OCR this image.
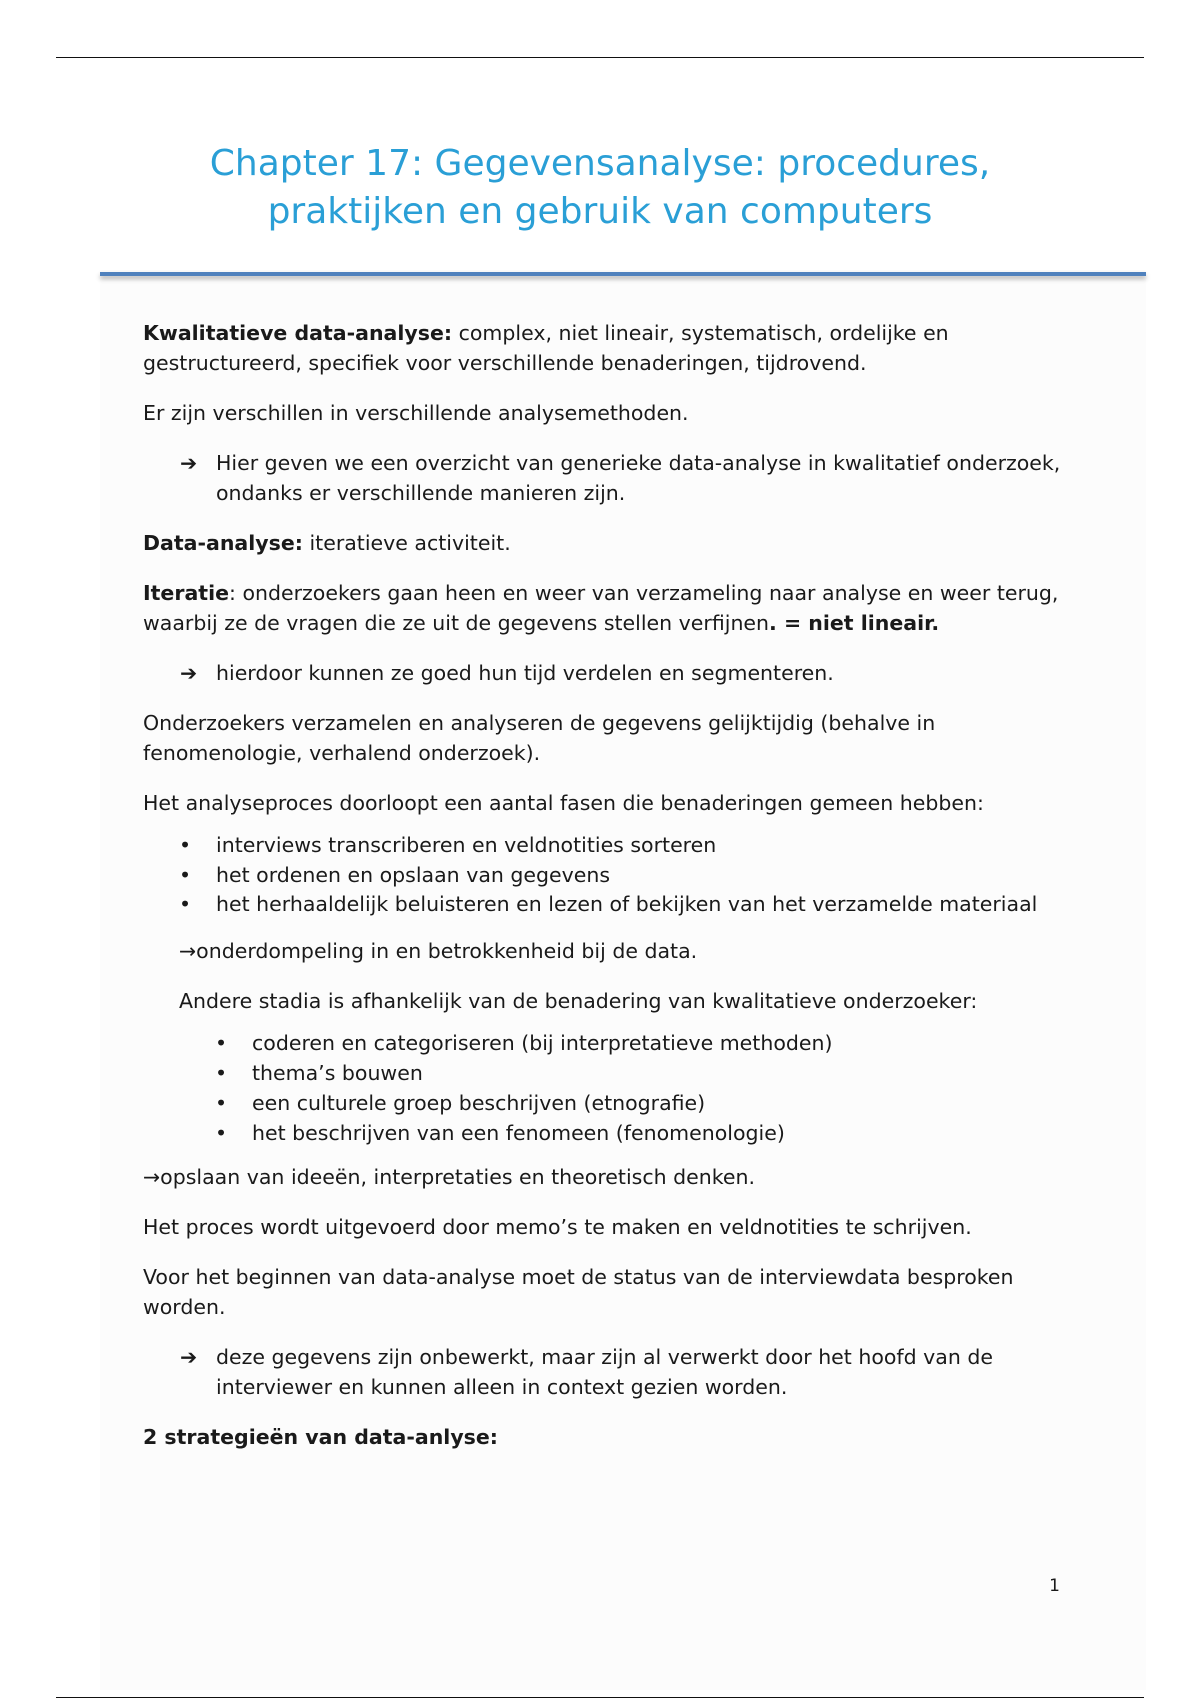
Chapter 17: Gegevensanalyse: procedures,
praktijken en gebruik van computers

Kwalitatieve data-analyse: complex, niet lineair, systematisch, ordelijke en gestructureerd, specifiek voor verschillende benaderingen, tijdrovend.

Er zijn verschillen in verschillende analysemethoden.

➔ Hier geven we een overzicht van generieke data-analyse in kwalitatief onderzoek, ondanks er verschillende manieren zijn.

Data-analyse: iteratieve activiteit.

Iteratie: onderzoekers gaan heen en weer van verzameling naar analyse en weer terug, waarbij ze de vragen die ze uit de gegevens stellen verfijnen. = niet lineair.

➔ hierdoor kunnen ze goed hun tijd verdelen en segmenteren.

Onderzoekers verzamelen en analyseren de gegevens gelijktijdig (behalve in fenomenologie, verhalend onderzoek).

Het analyseproces doorloopt een aantal fasen die benaderingen gemeen hebben:

• interviews transcriberen en veldnotities sorteren
• het ordenen en opslaan van gegevens
• het herhaaldelijk beluisteren en lezen of bekijken van het verzamelde materiaal

→onderdompeling in en betrokkenheid bij de data.

Andere stadia is afhankelijk van de benadering van kwalitatieve onderzoeker:

• coderen en categoriseren (bij interpretatieve methoden)
• thema’s bouwen
• een culturele groep beschrijven (etnografie)
• het beschrijven van een fenomeen (fenomenologie)

→opslaan van ideeën, interpretaties en theoretisch denken.

Het proces wordt uitgevoerd door memo’s te maken en veldnotities te schrijven.

Voor het beginnen van data-analyse moet de status van de interviewdata besproken worden.

➔ deze gegevens zijn onbewerkt, maar zijn al verwerkt door het hoofd van de interviewer en kunnen alleen in context gezien worden.

2 strategieën van data-anlyse:

1
